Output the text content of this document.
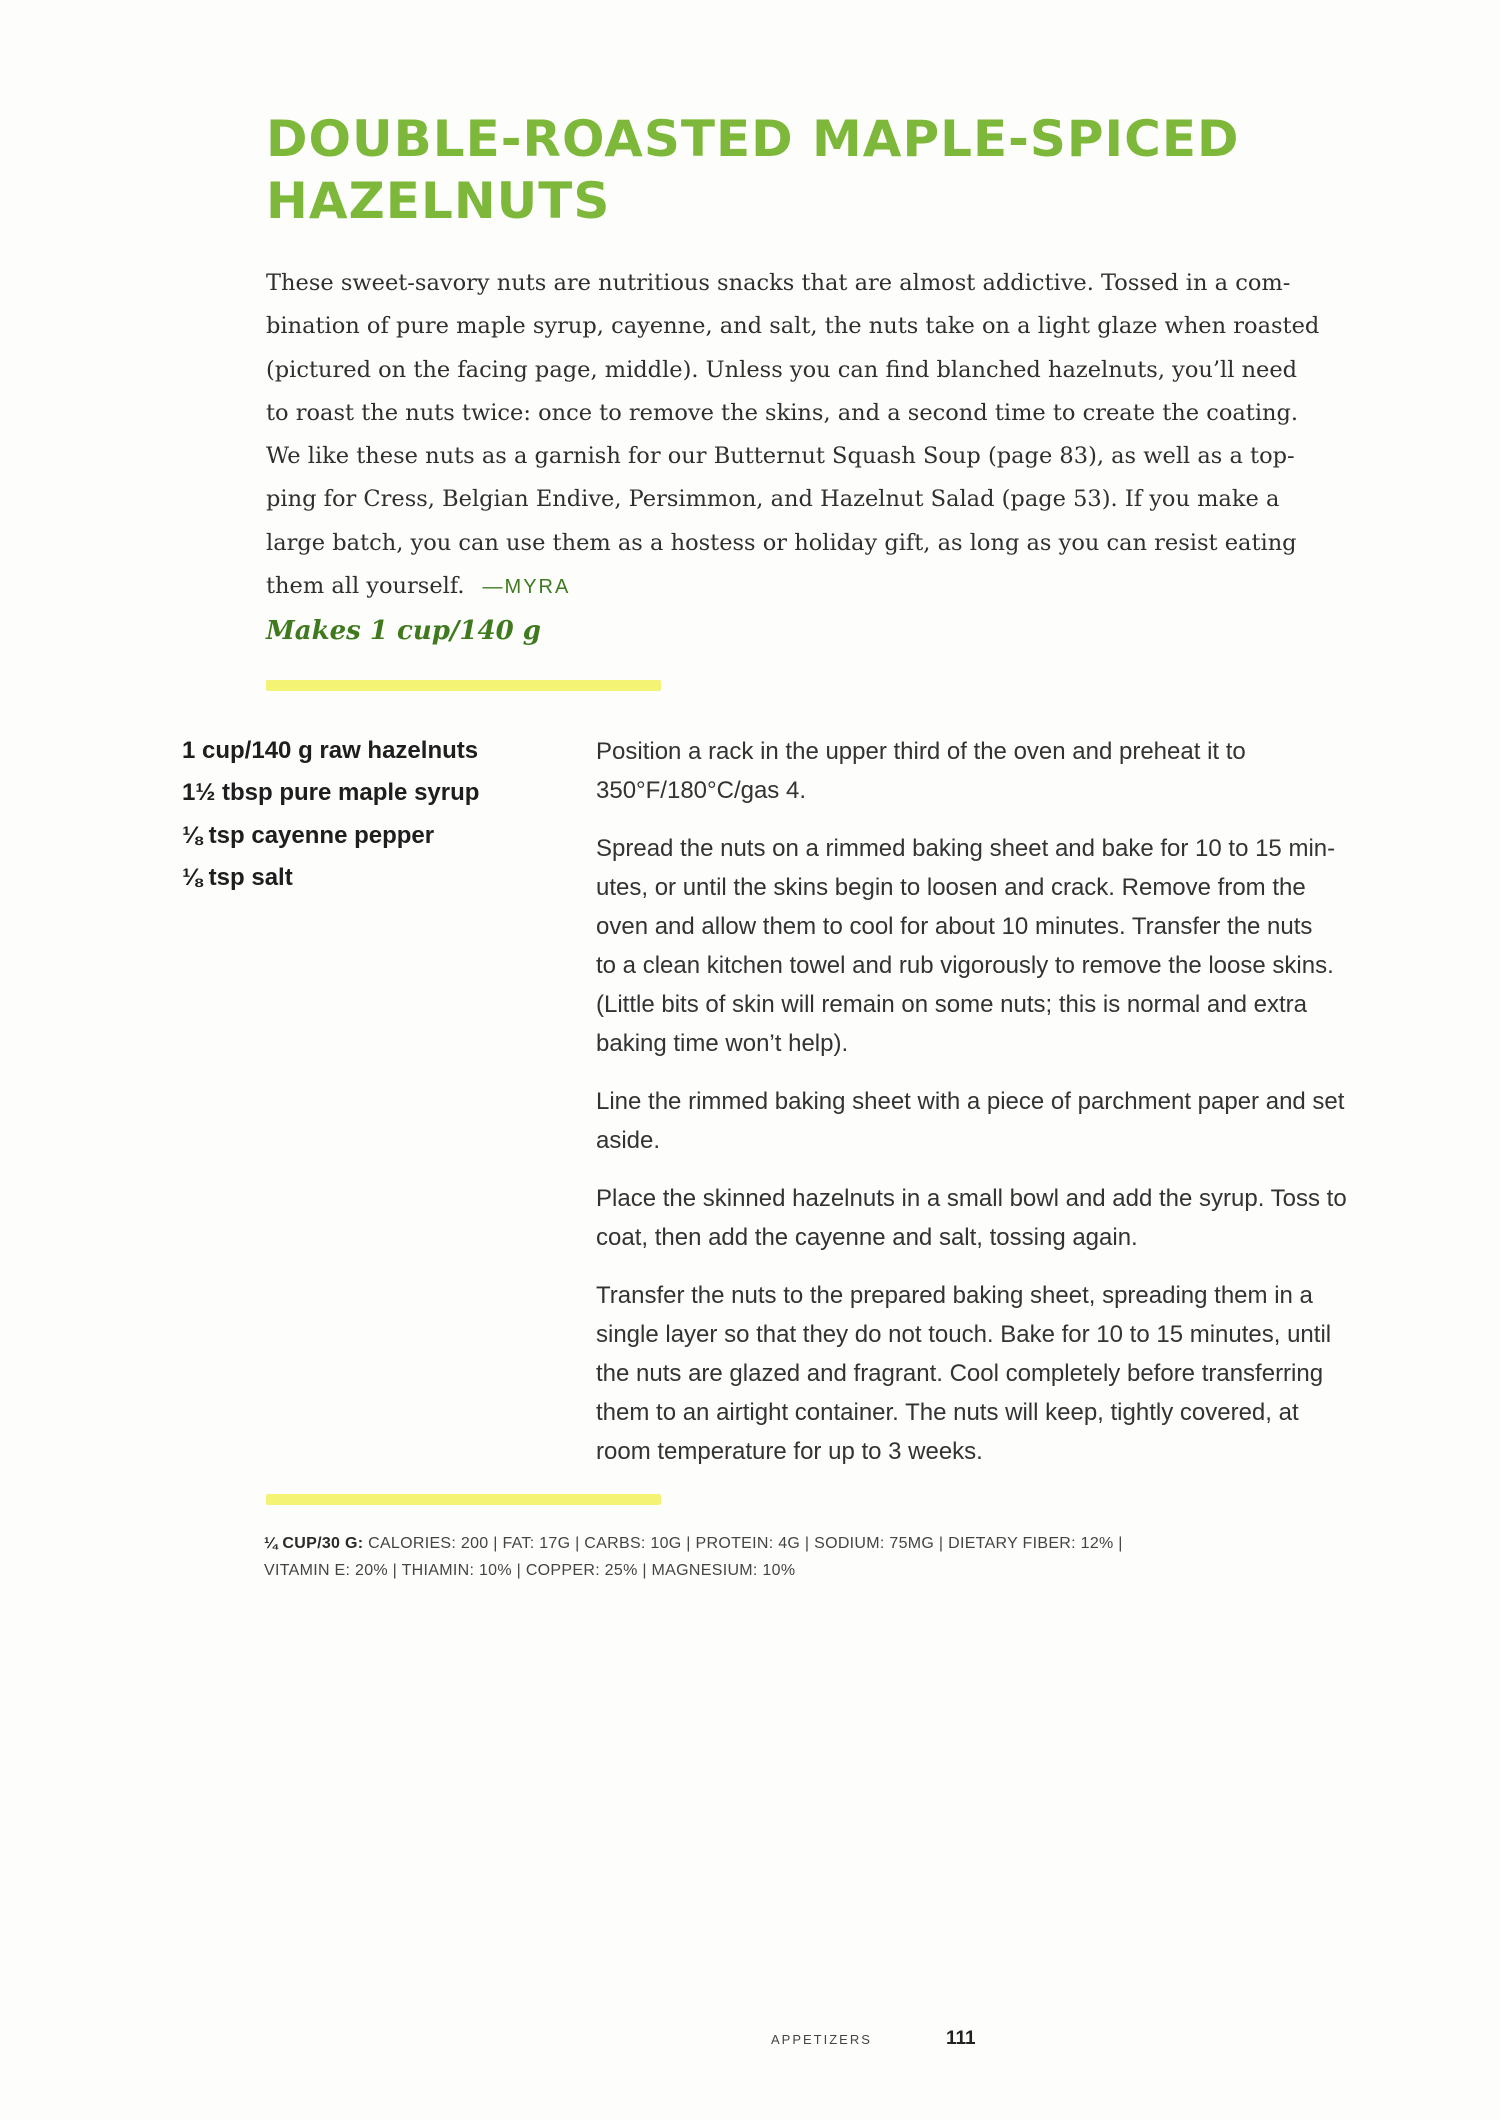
DOUBLE-ROASTED MAPLE-SPICED
HAZELNUTS
These sweet-savory nuts are nutritious snacks that are almost addictive. Tossed in a com-
bination of pure maple syrup, cayenne, and salt, the nuts take on a light glaze when roasted
(pictured on the facing page, middle). Unless you can find blanched hazelnuts, you’ll need
to roast the nuts twice: once to remove the skins, and a second time to create the coating.
We like these nuts as a garnish for our Butternut Squash Soup (page 83), as well as a top-
ping for Cress, Belgian Endive, Persimmon, and Hazelnut Salad (page 53). If you make a
large batch, you can use them as a hostess or holiday gift, as long as you can resist eating
them all yourself. —MYRA
Makes 1 cup/140 g
1 cup/140 g raw hazelnuts
1½ tbsp pure maple syrup
⅛ tsp cayenne pepper
⅛ tsp salt
Position a rack in the upper third of the oven and preheat it to
350°F/180°C/gas 4.
Spread the nuts on a rimmed baking sheet and bake for 10 to 15 min-
utes, or until the skins begin to loosen and crack. Remove from the
oven and allow them to cool for about 10 minutes. Transfer the nuts
to a clean kitchen towel and rub vigorously to remove the loose skins.
(Little bits of skin will remain on some nuts; this is normal and extra
baking time won’t help).
Line the rimmed baking sheet with a piece of parchment paper and set
aside.
Place the skinned hazelnuts in a small bowl and add the syrup. Toss to
coat, then add the cayenne and salt, tossing again.
Transfer the nuts to the prepared baking sheet, spreading them in a
single layer so that they do not touch. Bake for 10 to 15 minutes, until
the nuts are glazed and fragrant. Cool completely before transferring
them to an airtight container. The nuts will keep, tightly covered, at
room temperature for up to 3 weeks.
¼ CUP/30 G: CALORIES: 200 | FAT: 17G | CARBS: 10G | PROTEIN: 4G | SODIUM: 75MG | DIETARY FIBER: 12% |
VITAMIN E: 20% | THIAMIN: 10% | COPPER: 25% | MAGNESIUM: 10%
APPETIZERS	111
